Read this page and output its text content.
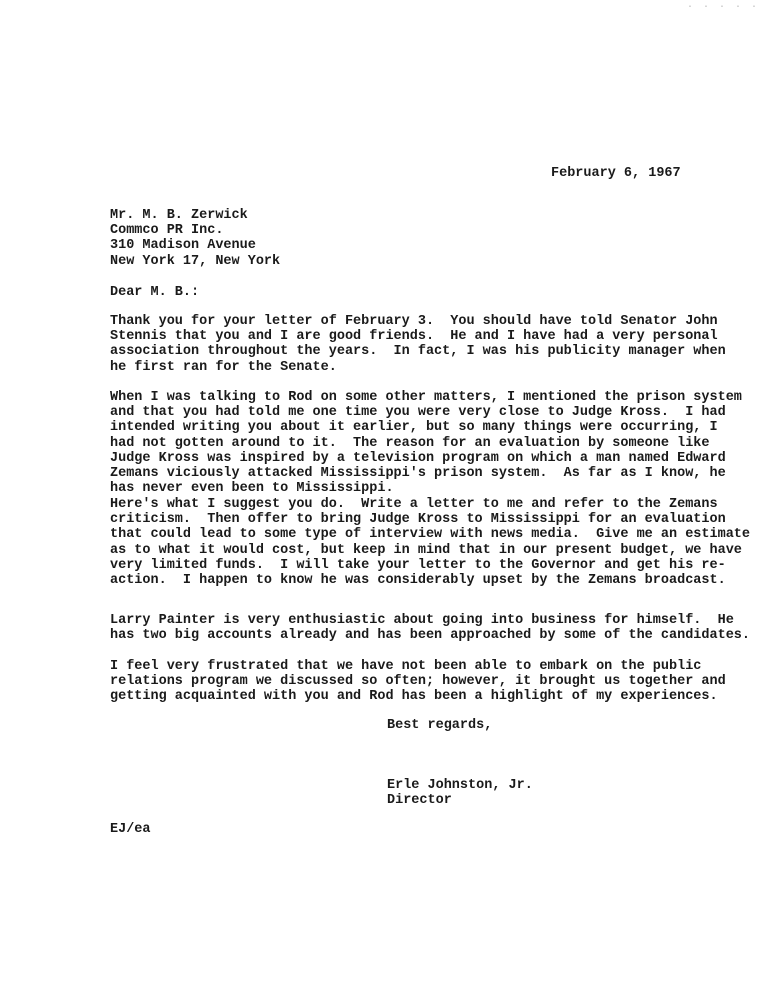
. . . . .
February 6, 1967
Mr. M. B. Zerwick
Commco PR Inc.
310 Madison Avenue
New York 17, New York
Dear M. B.:
Thank you for your letter of February 3.  You should have told Senator John
Stennis that you and I are good friends.  He and I have had a very personal
association throughout the years.  In fact, I was his publicity manager when
he first ran for the Senate.
When I was talking to Rod on some other matters, I mentioned the prison system
and that you had told me one time you were very close to Judge Kross.  I had
intended writing you about it earlier, but so many things were occurring, I
had not gotten around to it.  The reason for an evaluation by someone like
Judge Kross was inspired by a television program on which a man named Edward
Zemans viciously attacked Mississippi's prison system.  As far as I know, he
has never even been to Mississippi.
Here's what I suggest you do.  Write a letter to me and refer to the Zemans
criticism.  Then offer to bring Judge Kross to Mississippi for an evaluation
that could lead to some type of interview with news media.  Give me an estimate
as to what it would cost, but keep in mind that in our present budget, we have
very limited funds.  I will take your letter to the Governor and get his re-
action.  I happen to know he was considerably upset by the Zemans broadcast.
Larry Painter is very enthusiastic about going into business for himself.  He
has two big accounts already and has been approached by some of the candidates.
I feel very frustrated that we have not been able to embark on the public
relations program we discussed so often; however, it brought us together and
getting acquainted with you and Rod has been a highlight of my experiences.
Best regards,
Erle Johnston, Jr.
Director
EJ/ea
